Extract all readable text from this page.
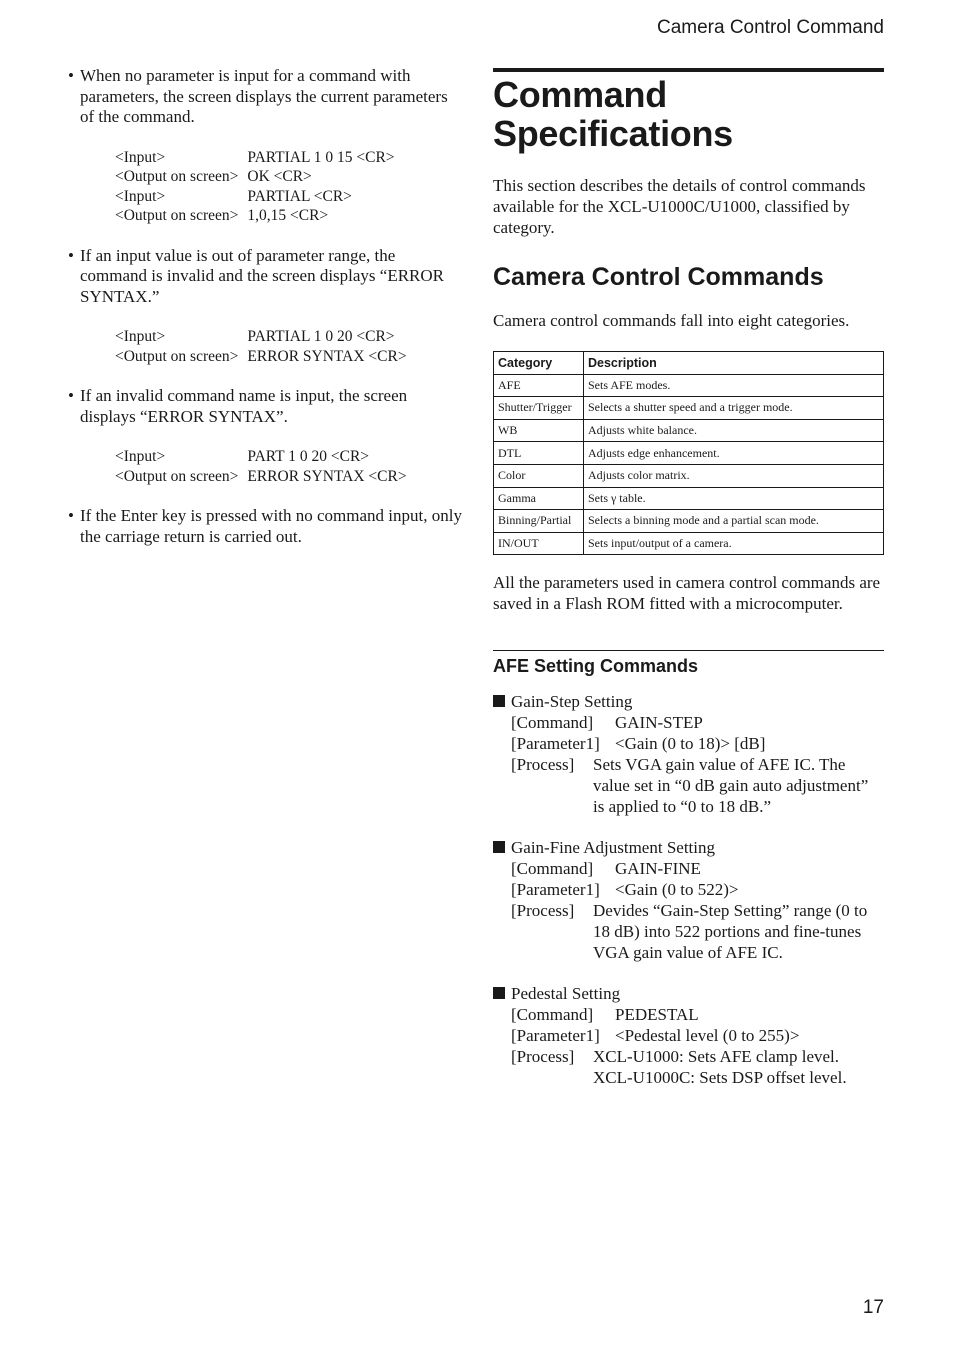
Camera Control Command
• When no parameter is input for a command with parameters, the screen displays the current parameters of the command.
<Input>	PARTIAL 1 0 15 <CR>
<Output on screen>	OK <CR>
<Input>	PARTIAL <CR>
<Output on screen>	1,0,15 <CR>
• If an input value is out of parameter range, the command is invalid and the screen displays “ERROR SYNTAX.”
<Input>	PARTIAL 1 0 20 <CR>
<Output on screen>	ERROR SYNTAX <CR>
• If an invalid command name is input, the screen displays “ERROR SYNTAX”.
<Input>	PART 1 0 20 <CR>
<Output on screen>	ERROR SYNTAX <CR>
• If the Enter key is pressed with no command input, only the carriage return is carried out.
Command Specifications

This section describes the details of control commands available for the XCL-U1000C/U1000, classified by category.

Camera Control Commands

Camera control commands fall into eight categories.

Category	Description
AFE	Sets AFE modes.
Shutter/Trigger	Selects a shutter speed and a trigger mode.
WB	Adjusts white balance.
DTL	Adjusts edge enhancement.
Color	Adjusts color matrix.
Gamma	Sets γ table.
Binning/Partial	Selects a binning mode and a partial scan mode.
IN/OUT	Sets input/output of a camera.

All the parameters used in camera control commands are saved in a Flash ROM fitted with a microcomputer.

AFE Setting Commands
Gain-Step Setting
[Command]	GAIN-STEP
[Parameter1] <Gain (0 to 18)> [dB]
[Process]	Sets VGA gain value of AFE IC. The
value set in “0 dB gain auto adjustment”
is applied to “0 to 18 dB.”
Gain-Fine Adjustment Setting
[Command]	GAIN-FINE
[Parameter1] <Gain (0 to 522)>
[Process]	Devides “Gain-Step Setting” range (0 to
18 dB) into 522 portions and fine-tunes
VGA gain value of AFE IC.
Pedestal Setting
[Command]	PEDESTAL
[Parameter1] <Pedestal level (0 to 255)>
[Process]	XCL-U1000: Sets AFE clamp level.
XCL-U1000C: Sets DSP offset level.
17
